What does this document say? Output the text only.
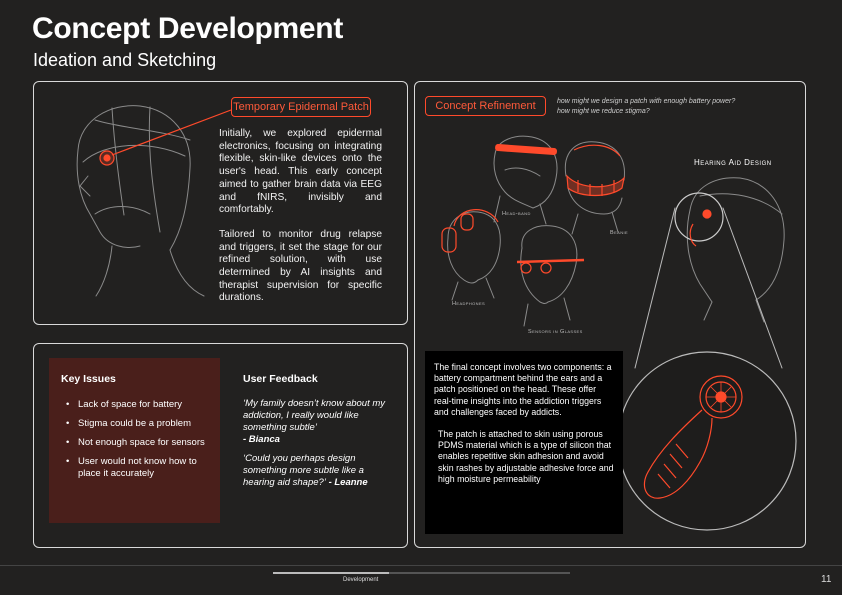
Concept Development
Ideation and Sketching
Temporary Epidermal Patch

Initially, we explored epidermal electronics, focusing on integrating flexible, skin-like devices onto the user's head. This early concept aimed to gather brain data via EEG and fNIRS, invisibly and comfortably.

Tailored to monitor drug relapse and triggers, it set the stage for our refined solution, with use determined by AI insights and therapist supervision for specific durations.

Key Issues
• Lack of space for battery
• Stigma could be a problem
• Not enough space for sensors
• User would not know how to place it accurately
User Feedback
‘My family doesn’t know about my addiction, I really would like something subtle’
- Bianca
‘Could you perhaps design something more subtle like a hearing aid shape?’ - Leanne
Concept Refinement	how might we design a patch with enough battery power?
how might we reduce stigma?
Head-band
Beanie
Headphones
Sensors in Glasses
Hearing Aid Design

The final concept involves two components: a battery compartment behind the ears and a patch positioned on the head. These offer real-time insights into the addiction triggers and challenges faced by addicts.

The patch is attached to skin using porous PDMS material which is a type of silicon that enables repetitive skin adhesion and avoid skin rashes by adjustable adhesive force and high moisture permeability

Development	11
